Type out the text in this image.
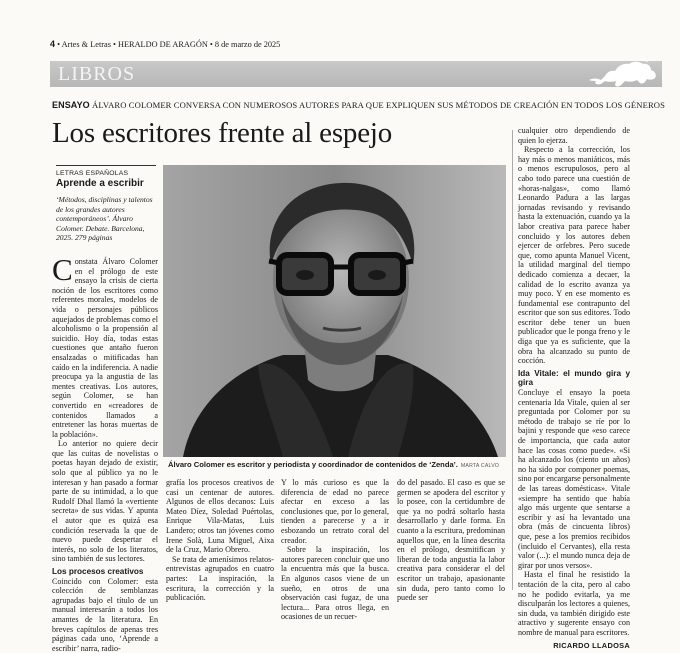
4 • Artes & Letras • HERALDO DE ARAGÓN • 8 de marzo de 2025
LIBROS
ENSAYO ÁLVARO COLOMER CONVERSA CON NUMEROSOS AUTORES PARA QUE EXPLIQUEN SUS MÉTODOS DE CREACIÓN EN TODOS LOS GÉNEROS
Los escritores frente al espejo
LETRAS ESPAÑOLAS
Aprende a escribir
‘Métodos, disciplinas y talentos de los grandes autores contemporáneos’. Álvaro Colomer. Debate. Barcelona, 2025. 279 páginas

Constata Álvaro Colomer en el prólogo de este ensayo la crisis de cierta noción de los escritores como referentes morales, modelos de vida o personajes públicos aquejados de problemas como el alcoholismo o la propensión al suicidio. Hoy día, todas estas cuestiones que antaño fueron ensalzadas o mitificadas han caído en la indiferencia. A nadie preocupa ya la angustia de las mentes creativas. Los autores, según Colomer, se han convertido en «creadores de contenidos llamados a entretener las horas muertas de la población».

Lo anterior no quiere decir que las cuitas de novelistas o poetas hayan dejado de existir, solo que al público ya no le interesan y han pasado a formar parte de su intimidad, a lo que Rudolf Dhal llamó la «vertiente secreta» de sus vidas. Y apunta el autor que es quizá esa condición reservada la que de nuevo puede despertar el interés, no solo de los literatos, sino también de sus lectores.

Los procesos creativos

Coincido con Colomer: esta colección de semblanzas agrupadas bajo el título de un manual interesarán a todos los amantes de la literatura. En breves capítulos de apenas tres páginas cada uno, ‘Aprende a escribir’ narra, radio-

Álvaro Colomer es escritor y periodista y coordinador de contenidos de ‘Zenda’. MARTA CALVO

grafía los procesos creativos de casi un centenar de autores. Algunos de ellos decanos: Luis Mateo Díez, Soledad Puértolas, Enrique Vila-Matas, Luis Landero; otros tan jóvenes como Irene Solà, Luna Miguel, Aixa de la Cruz, Mario Obrero.

Se trata de amenísimos relatos-entrevistas agrupados en cuatro partes: La inspiración, la escritura, la corrección y la publicación.

Y lo más curioso es que la diferencia de edad no parece afectar en exceso a las conclusiones que, por lo general, tienden a parecerse y a ir esbozando un retrato coral del creador.

Sobre la inspiración, los autores parecen concluir que uno la encuentra más que la busca. En algunos casos viene de un sueño, en otros de una observación casi fugaz, de una lectura... Para otros llega, en ocasiones de un recuer-

do del pasado. El caso es que se germen se apodera del escritor y lo posee, con la certidumbre de que ya no podrá soltarlo hasta desarrollarlo y darle forma. En cuanto a la escritura, predominan aquellos que, en la línea descrita en el prólogo, desmitifican y liberan de toda angustia la labor creativa para considerar el del escritor un trabajo, apasionante sin duda, pero tanto como lo puede ser

cualquier otro dependiendo de quien lo ejerza.

Respecto a la corrección, los hay más o menos maniáticos, más o menos escrupulosos, pero al cabo todo parece una cuestión de «horas-nalgas», como llamó Leonardo Padura a las largas jornadas revisando y revisando hasta la extenuación, cuando ya la labor creativa para parece haber concluido y los autores deben ejercer de orfebres. Pero sucede que, como apunta Manuel Vicent, la utilidad marginal del tiempo dedicado comienza a decaer, la calidad de lo escrito avanza ya muy poco. Y en ese momento es fundamental ese contrapunto del escritor que son sus editores. Todo escritor debe tener un buen publicador que le ponga freno y le diga que ya es suficiente, que la obra ha alcanzado su punto de cocción.

Ida Vitale: el mundo gira y gira

Concluye el ensayo la poeta centenaria Ida Vitale, quien al ser preguntada por Colomer por su método de trabajo se ríe por lo bajini y responde que «eso carece de importancia, que cada autor hace las cosas como puede». «Si ha alcanzado los (ciento un años) no ha sido por componer poemas, sino por encargarse personalmente de las tareas domésticas». Vitale «siempre ha sentido que había algo más urgente que sentarse a escribir y así ha levantado una obra (más de cincuenta libros) que, pese a los premios recibidos (incluido el Cervantes), ella resta valor (...): el mundo nunca deja de girar por unos versos».

Hasta el final he resistido la tentación de la cita, pero al cabo no he podido evitarla, ya me disculparán los lectores a quienes, sin duda, va también dirigido este atractivo y sugerente ensayo con nombre de manual para escritores.

RICARDO LLADOSA
